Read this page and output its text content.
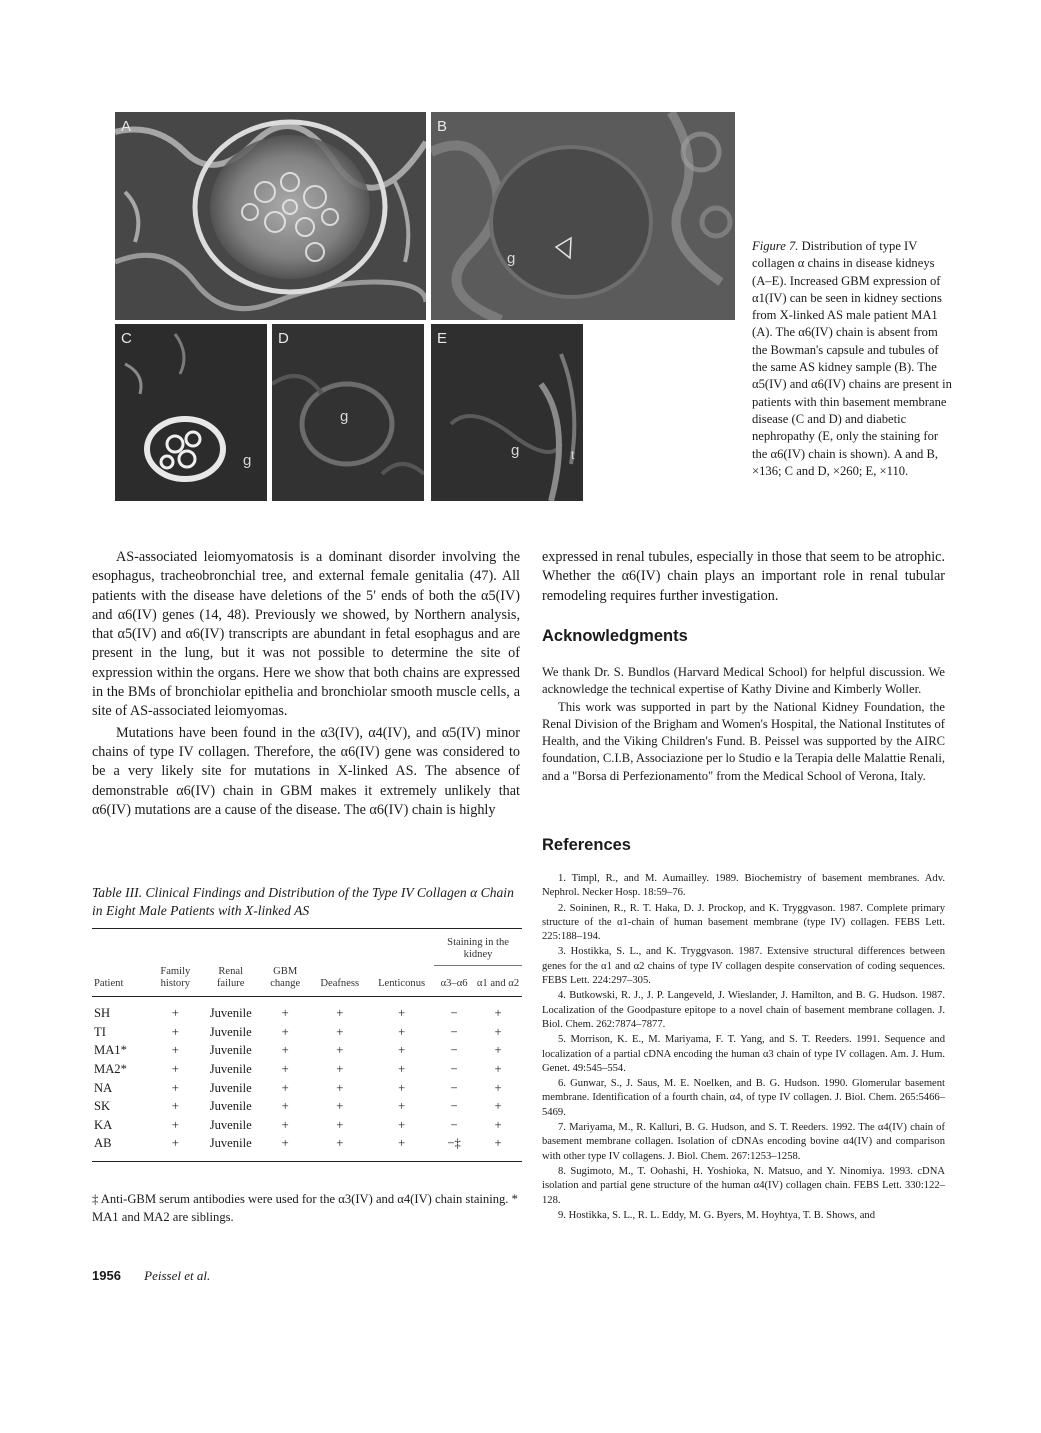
A	B
g
C
g
D
g
E
g	t
Figure 7. Distribution of type IV collagen α chains in disease kidneys (A–E). Increased GBM expression of α1(IV) can be seen in kidney sections from X-linked AS male patient MA1 (A). The α6(IV) chain is absent from the Bowman's capsule and tubules of the same AS kidney sample (B). The α5(IV) and α6(IV) chains are present in patients with thin basement membrane disease (C and D) and diabetic nephropathy (E, only the staining for the α6(IV) chain is shown). A and B, ×136; C and D, ×260; E, ×110.

AS-associated leiomyomatosis is a dominant disorder involving the esophagus, tracheobronchial tree, and external female genitalia (47). All patients with the disease have deletions of the 5′ ends of both the α5(IV) and α6(IV) genes (14, 48). Previously we showed, by Northern analysis, that α5(IV) and α6(IV) transcripts are abundant in fetal esophagus and are present in the lung, but it was not possible to determine the site of expression within the organs. Here we show that both chains are expressed in the BMs of bronchiolar epithelia and bronchiolar smooth muscle cells, a site of AS-associated leiomyomas.

Mutations have been found in the α3(IV), α4(IV), and α5(IV) minor chains of type IV collagen. Therefore, the α6(IV) gene was considered to be a very likely site for mutations in X-linked AS. The absence of demonstrable α6(IV) chain in GBM makes it extremely unlikely that α6(IV) mutations are a cause of the disease. The α6(IV) chain is highly

expressed in renal tubules, especially in those that seem to be atrophic. Whether the α6(IV) chain plays an important role in renal tubular remodeling requires further investigation.

Acknowledgments

We thank Dr. S. Bundlos (Harvard Medical School) for helpful discussion. We acknowledge the technical expertise of Kathy Divine and Kimberly Woller.

This work was supported in part by the National Kidney Foundation, the Renal Division of the Brigham and Women's Hospital, the National Institutes of Health, and the Viking Children's Fund. B. Peissel was supported by the AIRC foundation, C.I.B, Associazione per lo Studio e la Terapia delle Malattie Renali, and a "Borsa di Perfezionamento" from the Medical School of Verona, Italy.

References

1. Timpl, R., and M. Aumailley. 1989. Biochemistry of basement membranes. Adv. Nephrol. Necker Hosp. 18:59–76.

2. Soininen, R., R. T. Haka, D. J. Prockop, and K. Tryggvason. 1987. Complete primary structure of the α1-chain of human basement membrane (type IV) collagen. FEBS Lett. 225:188–194.

3. Hostikka, S. L., and K. Tryggvason. 1987. Extensive structural differences between genes for the α1 and α2 chains of type IV collagen despite conservation of coding sequences. FEBS Lett. 224:297–305.

4. Butkowski, R. J., J. P. Langeveld, J. Wieslander, J. Hamilton, and B. G. Hudson. 1987. Localization of the Goodpasture epitope to a novel chain of basement membrane collagen. J. Biol. Chem. 262:7874–7877.

5. Morrison, K. E., M. Mariyama, F. T. Yang, and S. T. Reeders. 1991. Sequence and localization of a partial cDNA encoding the human α3 chain of type IV collagen. Am. J. Hum. Genet. 49:545–554.

6. Gunwar, S., J. Saus, M. E. Noelken, and B. G. Hudson. 1990. Glomerular basement membrane. Identification of a fourth chain, α4, of type IV collagen. J. Biol. Chem. 265:5466–5469.

7. Mariyama, M., R. Kalluri, B. G. Hudson, and S. T. Reeders. 1992. The α4(IV) chain of basement membrane collagen. Isolation of cDNAs encoding bovine α4(IV) and comparison with other type IV collagens. J. Biol. Chem. 267:1253–1258.

8. Sugimoto, M., T. Oohashi, H. Yoshioka, N. Matsuo, and Y. Ninomiya. 1993. cDNA isolation and partial gene structure of the human α4(IV) collagen chain. FEBS Lett. 330:122–128.

9. Hostikka, S. L., R. L. Eddy, M. G. Byers, M. Hoyhtya, T. B. Shows, and

Table III. Clinical Findings and Distribution of the Type IV Collagen α Chain in Eight Male Patients with X-linked AS
						Staining in the kidney	
Patient	Family history	Renal failure	GBM change	Deafness	Lenticonus	α3–α6	α1 and α2
SH	+	Juvenile	+	+	+	−	+
TI	+	Juvenile	+	+	+	−	+
MA1*	+	Juvenile	+	+	+	−	+
MA2*	+	Juvenile	+	+	+	−	+
NA	+	Juvenile	+	+	+	−	+
SK	+	Juvenile	+	+	+	−	+
KA	+	Juvenile	+	+	+	−	+
AB	+	Juvenile	+	+	+	−‡	+
‡ Anti-GBM serum antibodies were used for the α3(IV) and α4(IV) chain staining. * MA1 and MA2 are siblings.
1956 Peissel et al.
